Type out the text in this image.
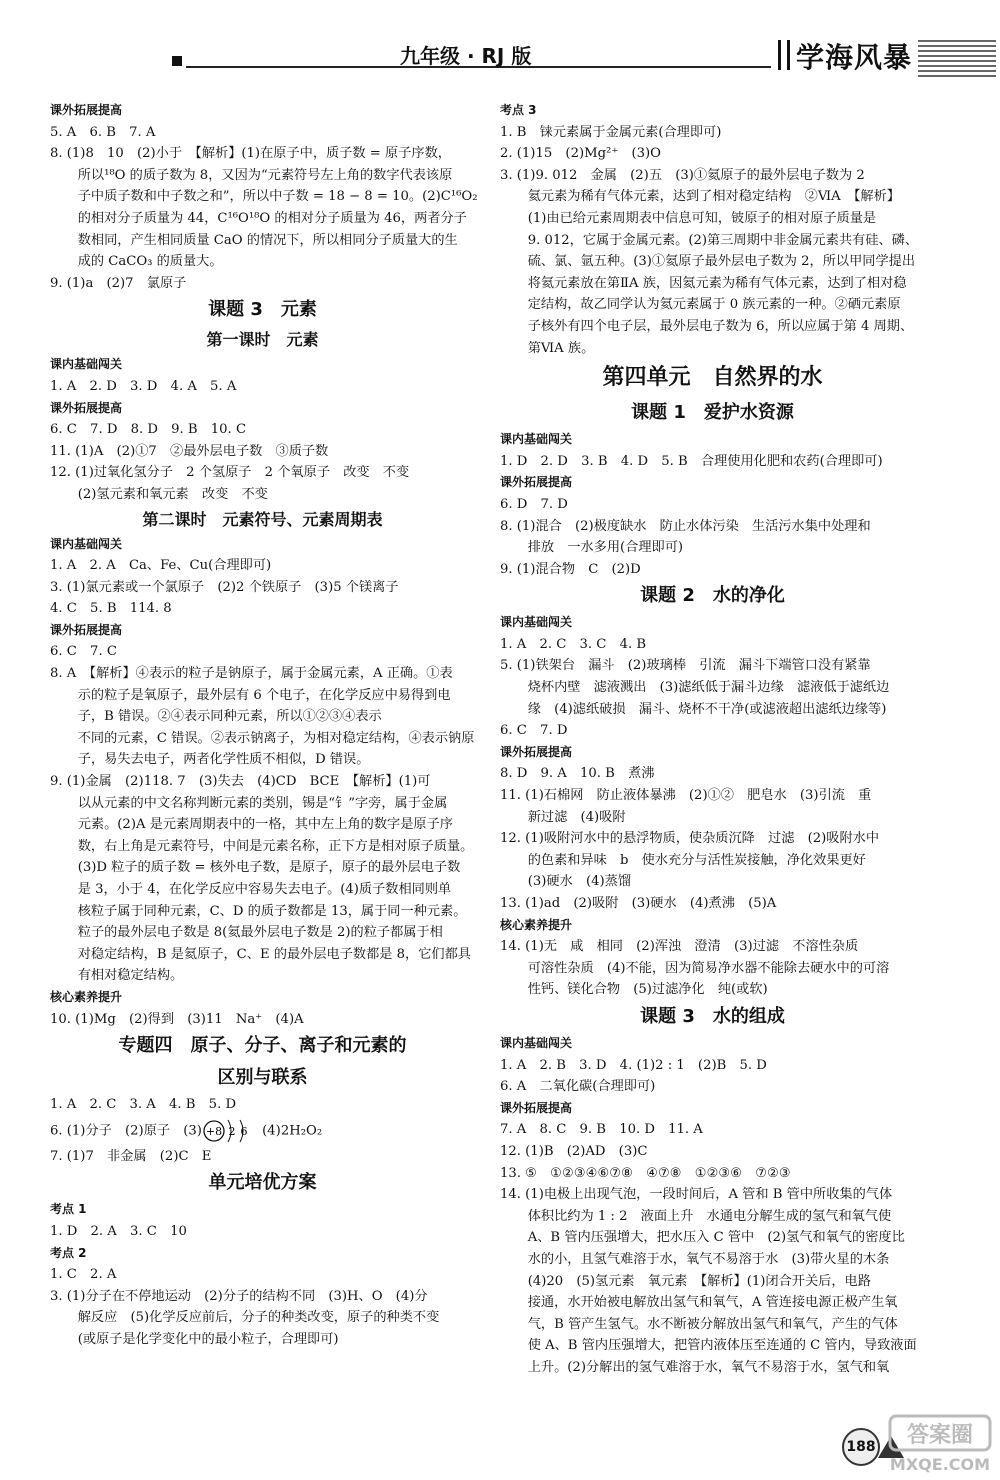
九年级 · RJ 版	学海风暴
课外拓展提高
5. A　6. B　7. A
8. (1)8　10　(2)小于　【解析】(1)在原子中，质子数 = 原子序数，
所以¹⁸O 的质子数为 8，又因为“元素符号左上角的数字代表该原
子中质子数和中子数之和”，所以中子数 = 18 − 8 = 10。(2)C¹⁶O₂
的相对分子质量为 44，C¹⁶O¹⁸O 的相对分子质量为 46，两者分子
数相同，产生相同质量 CaO 的情况下，所以相同分子质量大的生
成的 CaCO₃ 的质量大。
9. (1)a　(2)7　氯原子
课题 3　元素
第一课时　元素
课内基础闯关
1. A　2. D　3. D　4. A　5. A
课外拓展提高
6. C　7. D　8. D　9. B　10. C
11. (1)A　(2)①7　②最外层电子数　③质子数
12. (1)过氧化氢分子　2 个氢原子　2 个氧原子　改变　不变
(2)氢元素和氧元素　改变　不变
第二课时　元素符号、元素周期表
课内基础闯关
1. A　2. A　Ca、Fe、Cu(合理即可)
3. (1)氯元素或一个氯原子　(2)2 个铁原子　(3)5 个镁离子
4. C　5. B　114. 8
课外拓展提高
6. C　7. C
8. A　【解析】④表示的粒子是钠原子，属于金属元素，A 正确。①表
示的粒子是氧原子，最外层有 6 个电子，在化学反应中易得到电
子，B 错误。②④表示同种元素，所以①②③④表示
不同的元素，C 错误。②表示钠离子，为相对稳定结构，④表示钠原
子，易失去电子，两者化学性质不相似，D 错误。
9. (1)金属　(2)118. 7　(3)失去　(4)CD　BCE　【解析】(1)可
以从元素的中文名称判断元素的类别，锡是“钅”字旁，属于金属
元素。(2)A 是元素周期表中的一格，其中左上角的数字是原子序
数，右上角是元素符号，中间是元素名称，正下方是相对原子质量。
(3)D 粒子的质子数 = 核外电子数，是原子，原子的最外层电子数
是 3，小于 4，在化学反应中容易失去电子。(4)质子数相同则单
核粒子属于同种元素，C、D 的质子数都是 13，属于同一种元素。
粒子的最外层电子数是 8(氦最外层电子数是 2)的粒子都属于相
对稳定结构，B 是氦原子，C、E 的最外层电子数都是 8，它们都具
有相对稳定结构。
核心素养提升
10. (1)Mg　(2)得到　(3)11　Na⁺　(4)A
专题四　原子、分子、离子和元素的
区别与联系
1. A　2. C　3. A　4. B　5. D
6. (1)分子　(2)原子　(3) +8 2 6 (4)2H₂O₂
7. (1)7　非金属　(2)C　E
单元培优方案
考点 1
1. D　2. A　3. C　10
考点 2
1. C　2. A
3. (1)分子在不停地运动　(2)分子的结构不同　(3)H、O　(4)分
解反应　(5)化学反应前后，分子的种类改变，原子的种类不变
(或原子是化学变化中的最小粒子，合理即可)
考点 3
1. B　铼元素属于金属元素(合理即可)
2. (1)15　(2)Mg²⁺　(3)O
3. (1)9. 012　金属　(2)五　(3)①氦原子的最外层电子数为 2
氦元素为稀有气体元素，达到了相对稳定结构　②ⅥA　【解析】
(1)由已给元素周期表中信息可知，铍原子的相对原子质量是
9. 012，它属于金属元素。(2)第三周期中非金属元素共有硅、磷、
硫、氯、氩五种。(3)①氦原子最外层电子数为 2，所以甲同学提出
将氦元素放在第ⅡA 族，因氦元素为稀有气体元素，达到了相对稳
定结构，故乙同学认为氦元素属于 0 族元素的一种。②硒元素原
子核外有四个电子层，最外层电子数为 6，所以应属于第 4 周期、
第ⅥA 族。
第四单元　自然界的水
课题 1　爱护水资源
课内基础闯关
1. D　2. D　3. B　4. D　5. B　合理使用化肥和农药(合理即可)
课外拓展提高
6. D　7. D
8. (1)混合　(2)极度缺水　防止水体污染　生活污水集中处理和
排放　一水多用(合理即可)
9. (1)混合物　C　(2)D
课题 2　水的净化
课内基础闯关
1. A　2. C　3. C　4. B
5. (1)铁架台　漏斗　(2)玻璃棒　引流　漏斗下端管口没有紧靠
烧杯内壁　滤液溅出　(3)滤纸低于漏斗边缘　滤液低于滤纸边
缘　(4)滤纸破损　漏斗、烧杯不干净(或滤液超出滤纸边缘等)
6. C　7. D
课外拓展提高
8. D　9. A　10. B　煮沸
11. (1)石棉网　防止液体暴沸　(2)①②　肥皂水　(3)引流　重
新过滤　(4)吸附
12. (1)吸附河水中的悬浮物质，使杂质沉降　过滤　(2)吸附水中
的色素和异味　b　使水充分与活性炭接触，净化效果更好
(3)硬水　(4)蒸馏
13. (1)ad　(2)吸附　(3)硬水　(4)煮沸　(5)A
核心素养提升
14. (1)无　咸　相同　(2)浑浊　澄清　(3)过滤　不溶性杂质
可溶性杂质　(4)不能，因为简易净水器不能除去硬水中的可溶
性钙、镁化合物　(5)过滤净化　纯(或软)
课题 3　水的组成
课内基础闯关
1. A　2. B　3. D　4. (1)2 : 1　(2)B　5. D
6. A　二氧化碳(合理即可)
课外拓展提高
7. A　8. C　9. B　10. D　11. A
12. (1)B　(2)AD　(3)C
13. ⑤　①②③④⑥⑦⑧　④⑦⑧　①②③⑥　⑦②③
14. (1)电极上出现气泡，一段时间后，A 管和 B 管中所收集的气体
体积比约为 1 : 2　液面上升　水通电分解生成的氢气和氧气使
A、B 管内压强增大，把水压入 C 管中　(2)氢气和氧气的密度比
水的小，且氢气难溶于水，氧气不易溶于水　(3)带火星的木条
(4)20　(5)氢元素　氧元素　【解析】(1)闭合开关后，电路
接通，水开始被电解放出氢气和氧气，A 管连接电源正极产生氧
气，B 管产生氢气。水不断被分解放出氢气和氧气，产生的气体
使 A、B 管内压强增大，把管内液体压至连通的 C 管内，导致液面
上升。(2)分解出的氢气难溶于水，氧气不易溶于水，氢气和氧
188 答案圈
MXQE.COM
